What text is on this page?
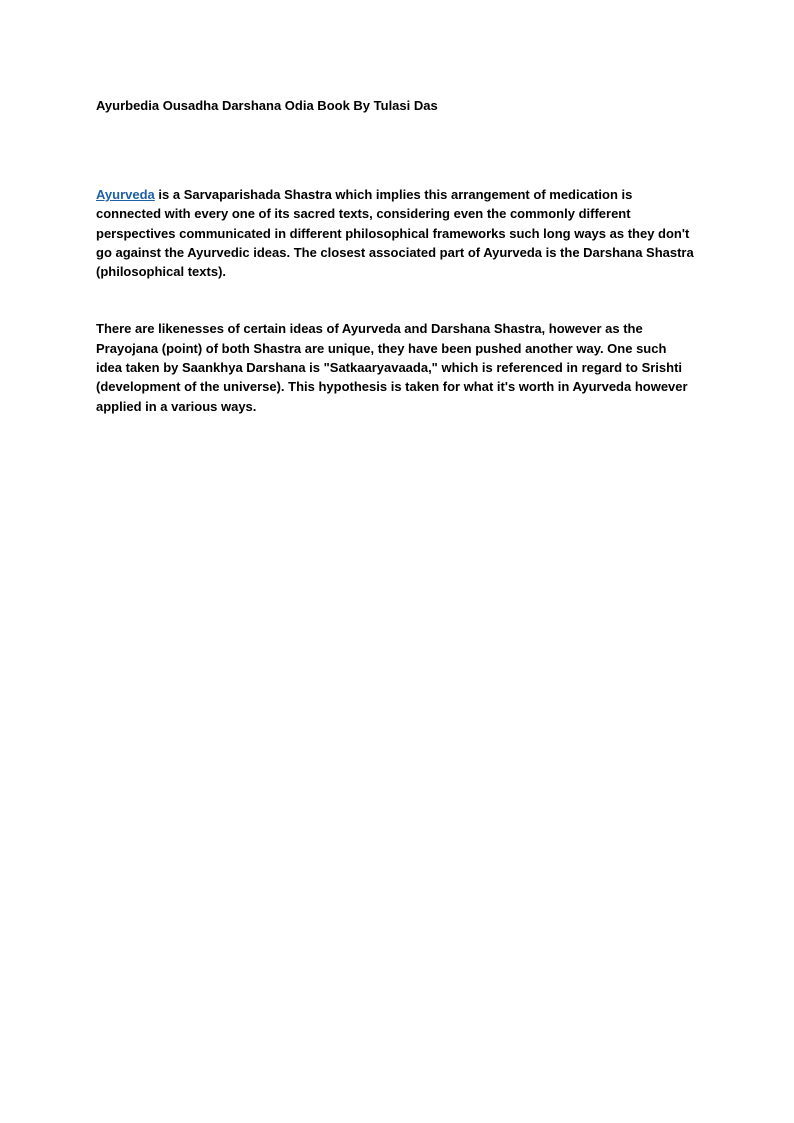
Ayurbedia Ousadha Darshana Odia Book By Tulasi Das

Ayurveda is a Sarvaparishada Shastra which implies this arrangement of medication is connected with every one of its sacred texts, considering even the commonly different perspectives communicated in different philosophical frameworks such long ways as they don't go against the Ayurvedic ideas. The closest associated part of Ayurveda is the Darshana Shastra (philosophical texts).

There are likenesses of certain ideas of Ayurveda and Darshana Shastra, however as the Prayojana (point) of both Shastra are unique, they have been pushed another way. One such idea taken by Saankhya Darshana is "Satkaaryavaada," which is referenced in regard to Srishti (development of the universe). This hypothesis is taken for what it's worth in Ayurveda however applied in a various ways.
